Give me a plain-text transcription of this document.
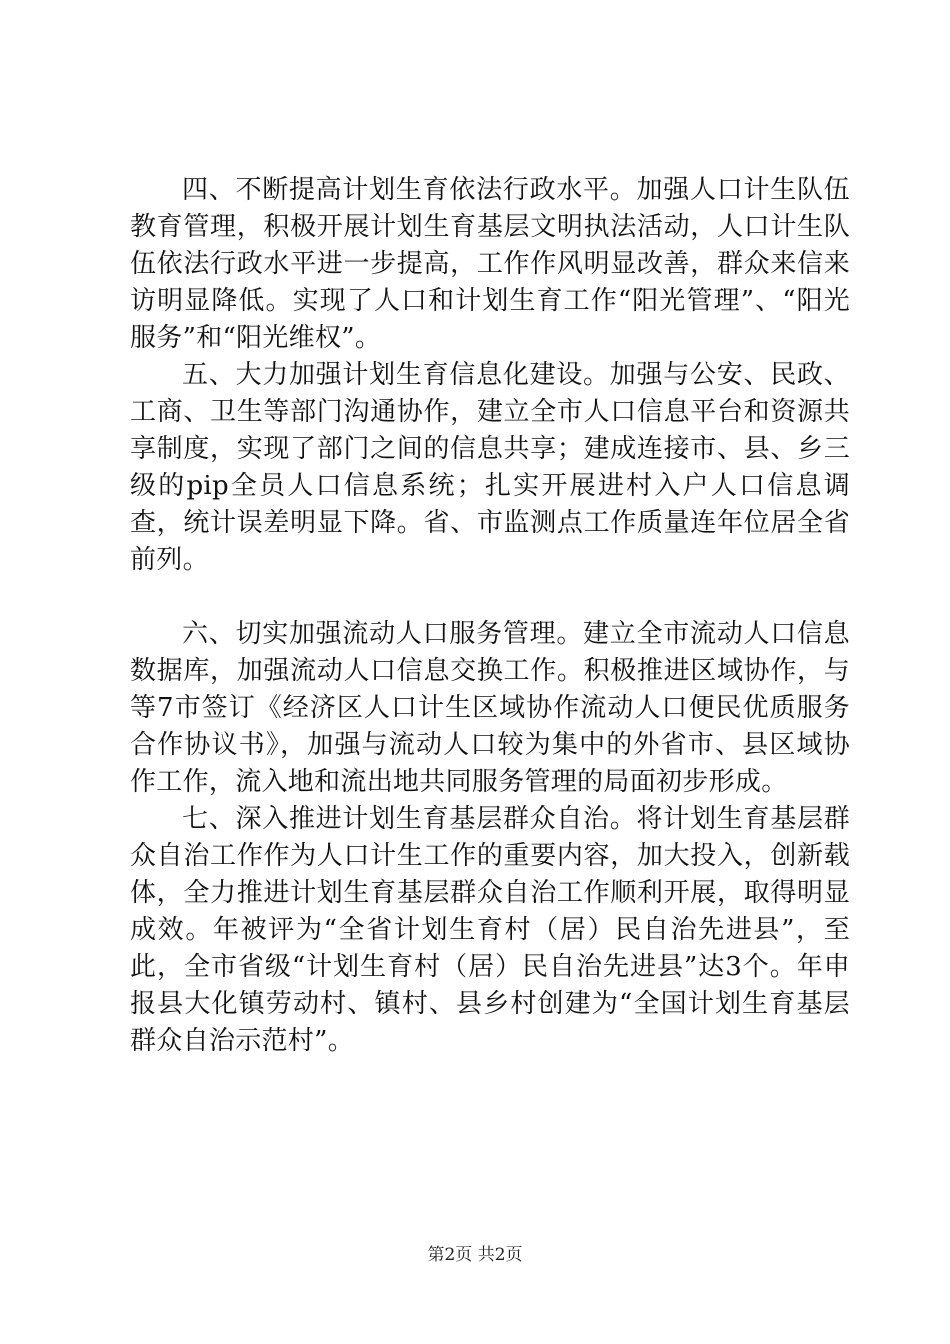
四、不断提高计划生育依法行政水平。加强人口计生队伍教育管理，积极开展计划生育基层文明执法活动，人口计生队伍依法行政水平进一步提高，工作作风明显改善，群众来信来访明显降低。实现了人口和计划生育工作“阳光管理”、“阳光服务”和“阳光维权”。

五、大力加强计划生育信息化建设。加强与公安、民政、工商、卫生等部门沟通协作，建立全市人口信息平台和资源共享制度，实现了部门之间的信息共享；建成连接市、县、乡三级的pip全员人口信息系统；扎实开展进村入户人口信息调查，统计误差明显下降。省、市监测点工作质量连年位居全省前列。

六、切实加强流动人口服务管理。建立全市流动人口信息数据库，加强流动人口信息交换工作。积极推进区域协作，与等7市签订《经济区人口计生区域协作流动人口便民优质服务合作协议书》，加强与流动人口较为集中的外省市、县区域协作工作，流入地和流出地共同服务管理的局面初步形成。

七、深入推进计划生育基层群众自治。将计划生育基层群众自治工作作为人口计生工作的重要内容，加大投入，创新载体，全力推进计划生育基层群众自治工作顺利开展，取得明显成效。年被评为“全省计划生育村（居）民自治先进县”，至此，全市省级“计划生育村（居）民自治先进县”达3个。年申报县大化镇劳动村、镇村、县乡村创建为“全国计划生育基层群众自治示范村”。

第2页 共2页
